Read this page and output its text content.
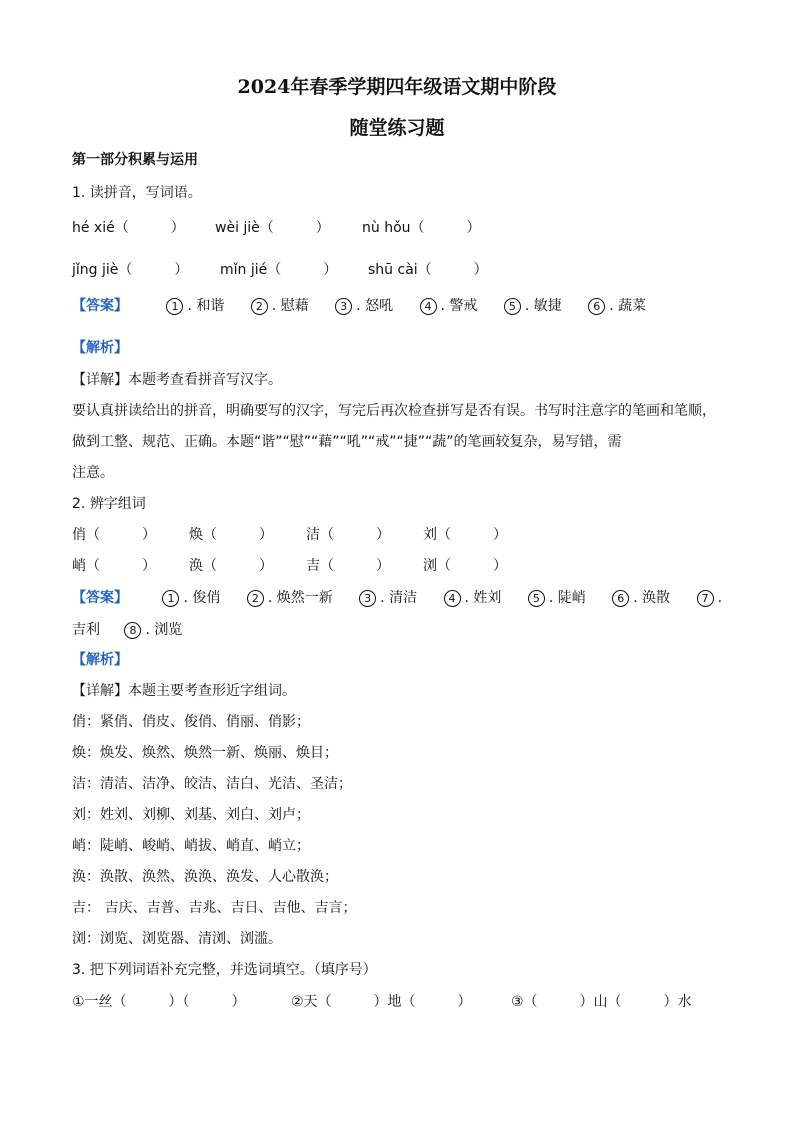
2024年春季学期四年级语文期中阶段
随堂练习题
第一部分积累与运用
1. 读拼音，写词语。
hé xié（　　　） wèi jiè（　　　） nù hǒu（　　　）
jǐng jiè（　　　） mǐn jié（　　　） shū cài（　　　）
【答案】	1 . 和谐	2 . 慰藉	3 . 怒吼	4 . 警戒	5 . 敏捷	6 . 蔬菜
【解析】
【详解】本题考查看拼音写汉字。
要认真拼读给出的拼音，明确要写的汉字，写完后再次检查拼写是否有误。书写时注意字的笔画和笔顺，
做到工整、规范、正确。本题“谐”“慰”“藉”“吼”“戒”“捷”“蔬”的笔画较复杂，易写错，需
注意。
2. 辨字组词
俏（　　　） 焕（　　　） 洁（　　　） 刘（　　　）
峭（　　　） 涣（　　　） 吉（　　　） 浏（　　　）
【答案】	1 . 俊俏	2 . 焕然一新	3 . 清洁	4 . 姓刘	5 . 陡峭	6 . 涣散	7 .
吉利	8 . 浏览
【解析】
【详解】本题主要考查形近字组词。
俏：紧俏、俏皮、俊俏、俏丽、俏影；
焕：焕发、焕然、焕然一新、焕丽、焕目；
洁：清洁、洁净、皎洁、洁白、光洁、圣洁；
刘：姓刘、刘柳、刘基、刘白、刘卢；
峭：陡峭、峻峭、峭拔、峭直、峭立；
涣：涣散、涣然、涣涣、涣发、人心散涣；
吉： 吉庆、吉普、吉兆、吉日、吉他、吉言；
浏：浏览、浏览器、清浏、浏滥。
3. 把下列词语补充完整，并选词填空。（填序号）
①一丝（　　　）（　　　）	②天（　　　）地（　　　）	③（　　　）山（　　　）水
